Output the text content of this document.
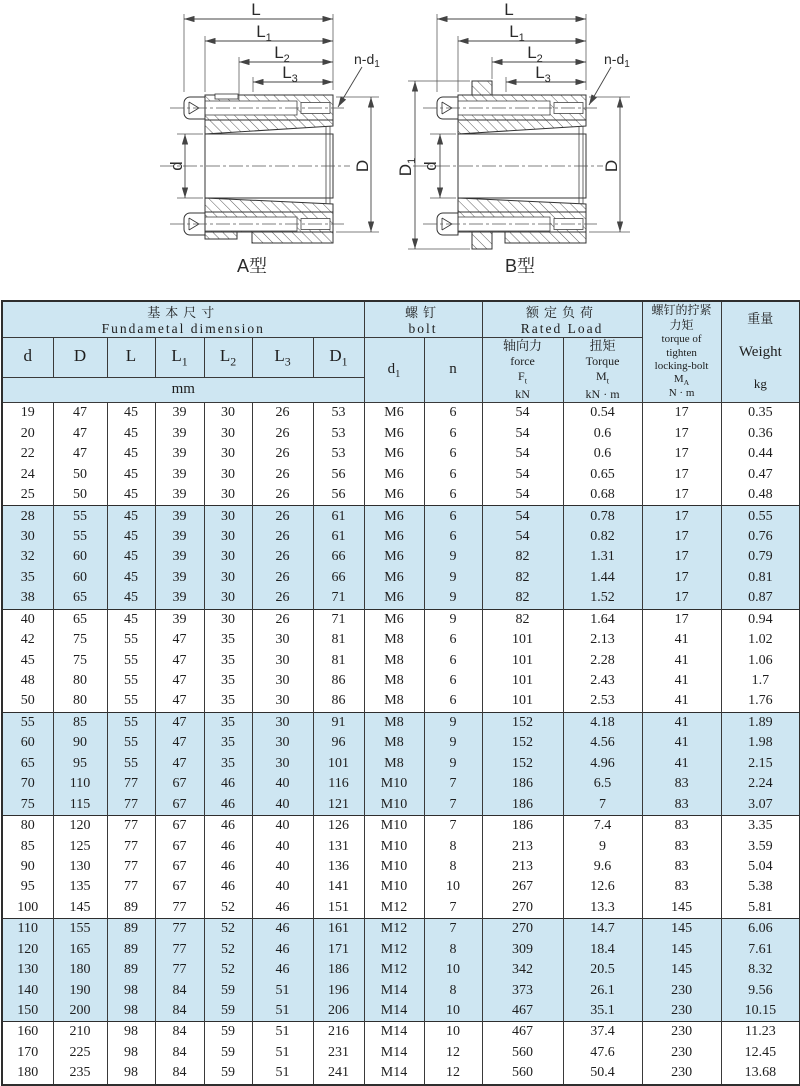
L
$L_1$
$L_2$
$L_3$
$n-d_1$
d	D
A型
L
$L_1$
$L_2$
$L_3$
$n-d_1$
d
$D_1$	D
B型
基本尺寸
Fundametal dimension

螺钉
bolt

额定负荷
Rated Load

螺钉的拧紧
力矩
torque of
tighten
locking-bolt
$M_A$
N · m

重量
Weight
kg

d	D	L	$L_1$	$L_2$	$L_3$	$D_1$	$d_1$	n	
轴向力
force
$F_t$
kN

扭矩
Torque
$M_t$
kN · m

mm												
19	47	45	39	30	26	53	M6	6	54	0.54	17	0.35
20	47	45	39	30	26	53	M6	6	54	0.6	17	0.36
22	47	45	39	30	26	53	M6	6	54	0.6	17	0.44
24	50	45	39	30	26	56	M6	6	54	0.65	17	0.47
25	50	45	39	30	26	56	M6	6	54	0.68	17	0.48
28	55	45	39	30	26	61	M6	6	54	0.78	17	0.55
30	55	45	39	30	26	61	M6	6	54	0.82	17	0.76
32	60	45	39	30	26	66	M6	9	82	1.31	17	0.79
35	60	45	39	30	26	66	M6	9	82	1.44	17	0.81
38	65	45	39	30	26	71	M6	9	82	1.52	17	0.87
40	65	45	39	30	26	71	M6	9	82	1.64	17	0.94
42	75	55	47	35	30	81	M8	6	101	2.13	41	1.02
45	75	55	47	35	30	81	M8	6	101	2.28	41	1.06
48	80	55	47	35	30	86	M8	6	101	2.43	41	1.7
50	80	55	47	35	30	86	M8	6	101	2.53	41	1.76
55	85	55	47	35	30	91	M8	9	152	4.18	41	1.89
60	90	55	47	35	30	96	M8	9	152	4.56	41	1.98
65	95	55	47	35	30	101	M8	9	152	4.96	41	2.15
70	110	77	67	46	40	116	M10	7	186	6.5	83	2.24
75	115	77	67	46	40	121	M10	7	186	7	83	3.07
80	120	77	67	46	40	126	M10	7	186	7.4	83	3.35
85	125	77	67	46	40	131	M10	8	213	9	83	3.59
90	130	77	67	46	40	136	M10	8	213	9.6	83	5.04
95	135	77	67	46	40	141	M10	10	267	12.6	83	5.38
100	145	89	77	52	46	151	M12	7	270	13.3	145	5.81
110	155	89	77	52	46	161	M12	7	270	14.7	145	6.06
120	165	89	77	52	46	171	M12	8	309	18.4	145	7.61
130	180	89	77	52	46	186	M12	10	342	20.5	145	8.32
140	190	98	84	59	51	196	M14	8	373	26.1	230	9.56
150	200	98	84	59	51	206	M14	10	467	35.1	230	10.15
160	210	98	84	59	51	216	M14	10	467	37.4	230	11.23
170	225	98	84	59	51	231	M14	12	560	47.6	230	12.45
180	235	98	84	59	51	241	M14	12	560	50.4	230	13.68
